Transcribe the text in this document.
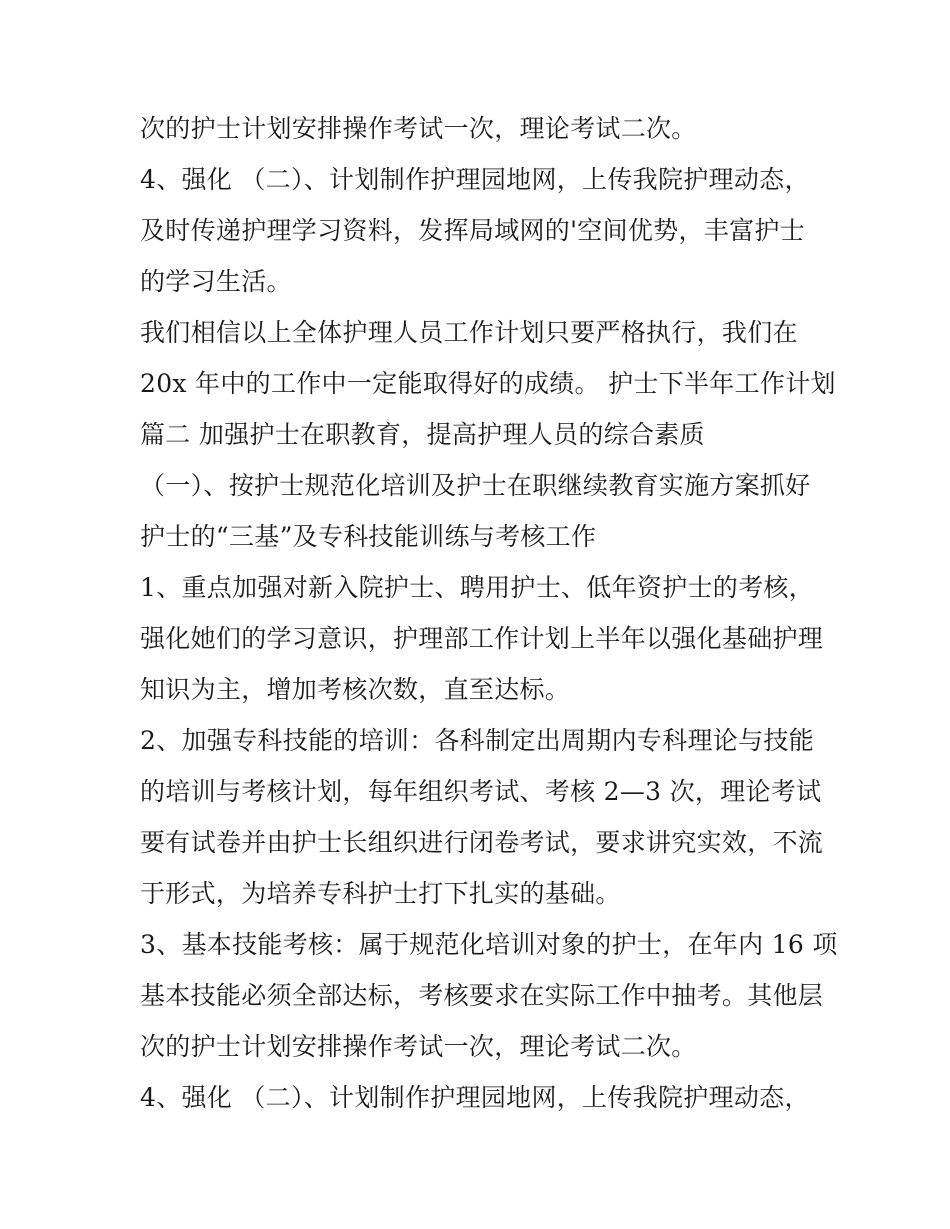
次的护士计划安排操作考试一次，理论考试二次。
4、强化 （二）、计划制作护理园地网，上传我院护理动态，
及时传递护理学习资料，发挥局域网的'空间优势，丰富护士
的学习生活。
我们相信以上全体护理人员工作计划只要严格执行，我们在
20x 年中的工作中一定能取得好的成绩。 护士下半年工作计划
篇二 加强护士在职教育，提高护理人员的综合素质
（一）、按护士规范化培训及护士在职继续教育实施方案抓好
护士的“三基”及专科技能训练与考核工作
1、重点加强对新入院护士、聘用护士、低年资护士的考核，
强化她们的学习意识，护理部工作计划上半年以强化基础护理
知识为主，增加考核次数，直至达标。
2、加强专科技能的培训：各科制定出周期内专科理论与技能
的培训与考核计划，每年组织考试、考核 2—3 次，理论考试
要有试卷并由护士长组织进行闭卷考试，要求讲究实效，不流
于形式，为培养专科护士打下扎实的基础。
3、基本技能考核：属于规范化培训对象的护士，在年内 16 项
基本技能必须全部达标，考核要求在实际工作中抽考。其他层
次的护士计划安排操作考试一次，理论考试二次。
4、强化 （二）、计划制作护理园地网，上传我院护理动态，
